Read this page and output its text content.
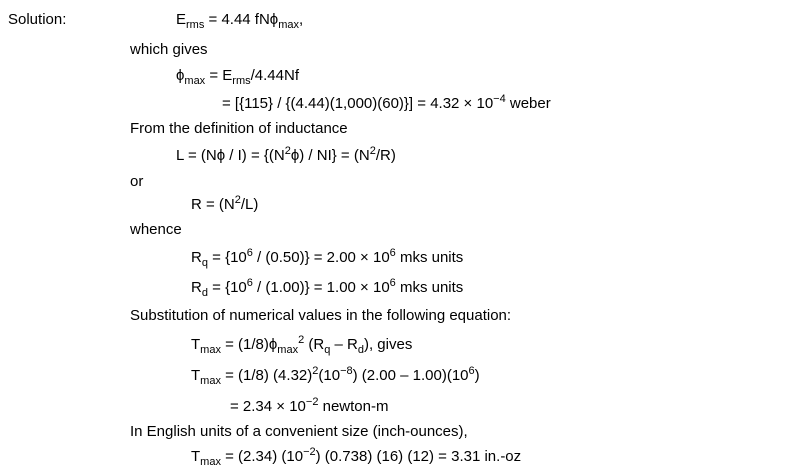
Solution:	$E_{rms} = 4.44$ fNϕ$_{max}$,
which gives
$\phi_{max} = E_{rms}/4.44Nf$
= $[\{115\} / \{(4.44)(1,000)(60)\}] = 4.32 \times 10^{-4}$ weber
From the definition of inductance
$L = (N\phi / I) = \{(N^2\phi) / NI\} = (N^2/R)$
or
$R = (N^2/L)$
whence
$R_q = \{10^6 / (0.50)\} = 2.00 \times 10^6$ mks units
$R_d = \{10^6 / (1.00)\} = 1.00 \times 10^6$ mks units
Substitution of numerical values in the following equation:
$T_{max} = (1/8)\phi_{max}^2$ $(R_q - R_d)$, gives
$T_{max} = (1/8)$ $(4.32)^2(10^{-8})$ $(2.00 - 1.00)(10^6)$
= $2.34 \times 10^{-2}$ newton-m
In English units of a convenient size (inch-ounces),
$T_{max} = (2.34)$ $(10^{-2})$ (0.738) (16) (12) = 3.31 in.-oz
